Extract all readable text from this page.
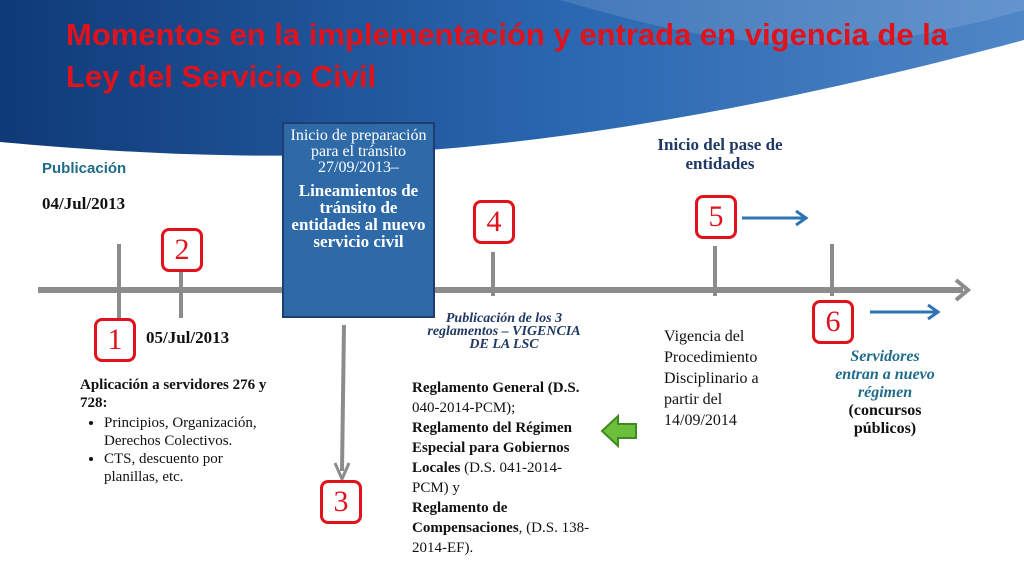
Momentos en la implementación y entrada en vigencia de la Ley del Servicio Civil
1
2
3
4	5
6
Publicación
04/Jul/2013
05/Jul/2013
Aplicación a servidores 276 y 728:
• Principios, Organización, Derechos Colectivos.
• CTS, descuento por planillas, etc.
Inicio de preparación para el tránsito 27/09/2013–
Lineamientos de tránsito de entidades al nuevo servicio civil
Publicación de los 3 reglamentos – VIGENCIA DE LA LSC
Reglamento General (D.S. 040-2014-PCM);
Reglamento del Régimen Especial para Gobiernos Locales (D.S. 041-2014-PCM) y
Reglamento de Compensaciones, (D.S. 138-2014-EF).
Inicio del pase de entidades
Vigencia del Procedimiento Disciplinario a partir del 14/09/2014
Servidores entran a nuevo régimen
(concursos públicos)
